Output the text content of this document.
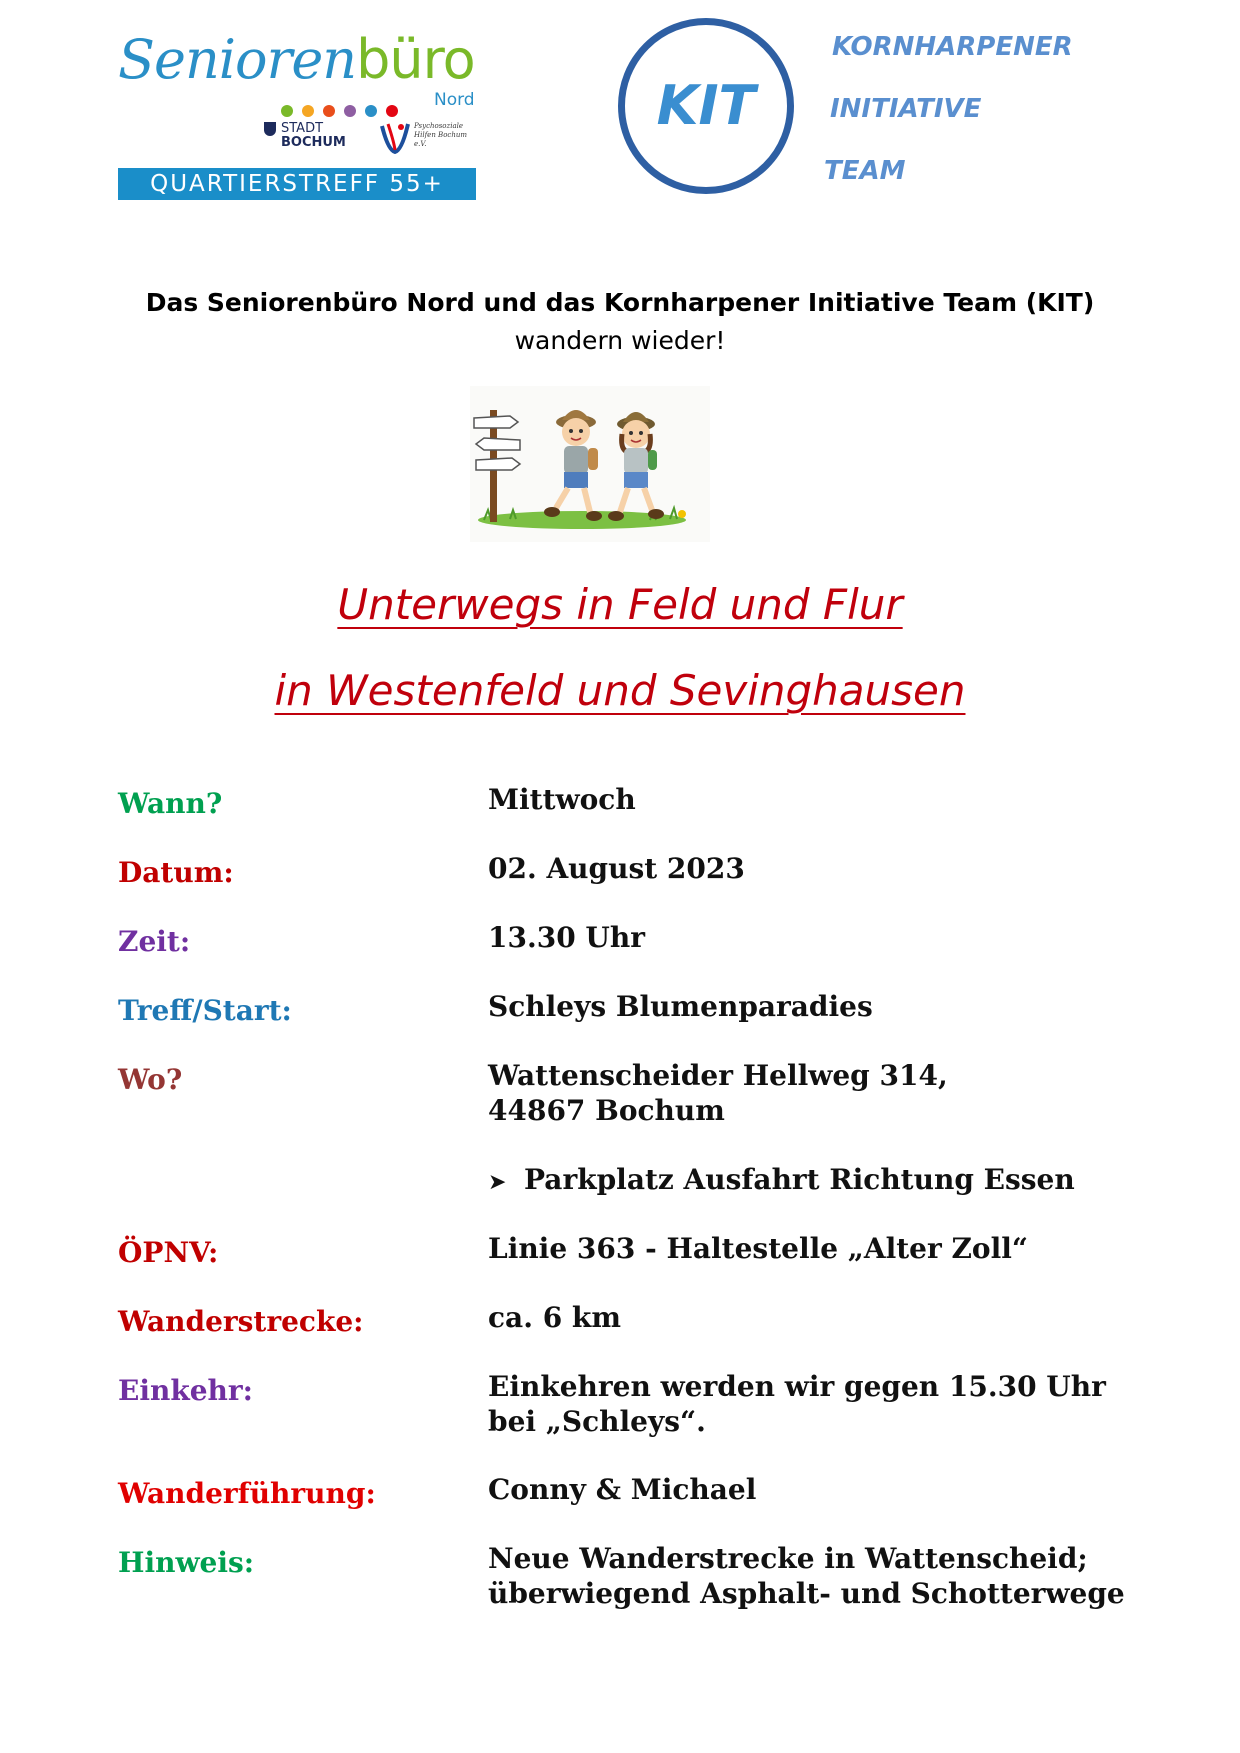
Seniorenbüro
Nord
STADT
BOCHUM
Psychosoziale Hilfen Bochum e.V.
QUARTIERSTREFF 55+
KIT
KORNHARPENER
INITIATIVE
TEAM
Das Seniorenbüro Nord und das Kornharpener Initiative Team (KIT)
wandern wieder!
Unterwegs in Feld und Flur
in Westenfeld und Sevinghausen
Wann?	Mittwoch
Datum:	02. August 2023
Zeit:	13.30 Uhr
Treff/Start:	Schleys Blumenparadies
Wo?	Wattenscheider Hellweg 314,
44867 Bochum
➤ Parkplatz Ausfahrt Richtung Essen
ÖPNV:	Linie 363 - Haltestelle „Alter Zoll“
Wanderstrecke:	ca. 6 km
Einkehr:	Einkehren werden wir gegen 15.30 Uhr
bei „Schleys“.
Wanderführung:	Conny & Michael
Hinweis:	Neue Wanderstrecke in Wattenscheid;
überwiegend Asphalt- und Schotterwege
